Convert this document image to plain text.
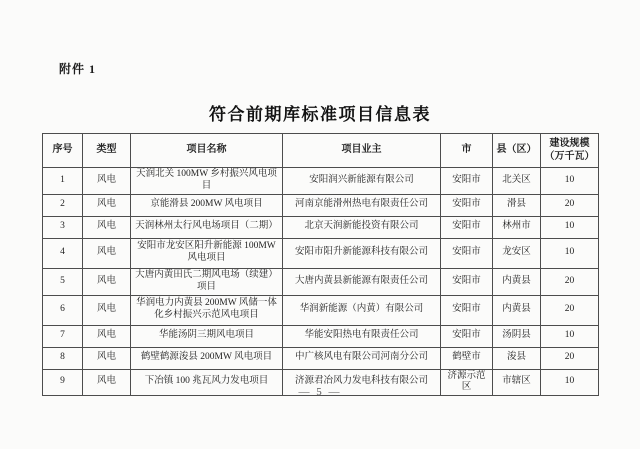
附件 1
符合前期库标准项目信息表
序号	类型	项目名称	项目业主	市	县（区）	建设规模
（万千瓦）
1	风电	天润北关 100MW 乡村振兴风电项目	安阳润兴新能源有限公司	安阳市	北关区	10
2	风电	京能滑县 200MW 风电项目	河南京能滑州热电有限责任公司	安阳市	滑县	20
3	风电	天润林州太行风电场项目（二期）	北京天润新能投资有限公司	安阳市	林州市	10
4	风电	安阳市龙安区阳升新能源 100MW 风电项目	安阳市阳升新能源科技有限公司	安阳市	龙安区	10
5	风电	大唐内黄田氏二期风电场（续建）项目	大唐内黄县新能源有限责任公司	安阳市	内黄县	20
6	风电	华润电力内黄县 200MW 风储一体化乡村振兴示范风电项目	华润新能源（内黄）有限公司	安阳市	内黄县	20
7	风电	华能汤阴三期风电项目	华能安阳热电有限责任公司	安阳市	汤阴县	10
8	风电	鹤壁鹤源浚县 200MW 风电项目	中广核风电有限公司河南分公司	鹤壁市	浚县	20
9	风电	下冶镇 100 兆瓦风力发电项目	济源君冶风力发电科技有限公司	济源示范区	市辖区	10
— 5 —
